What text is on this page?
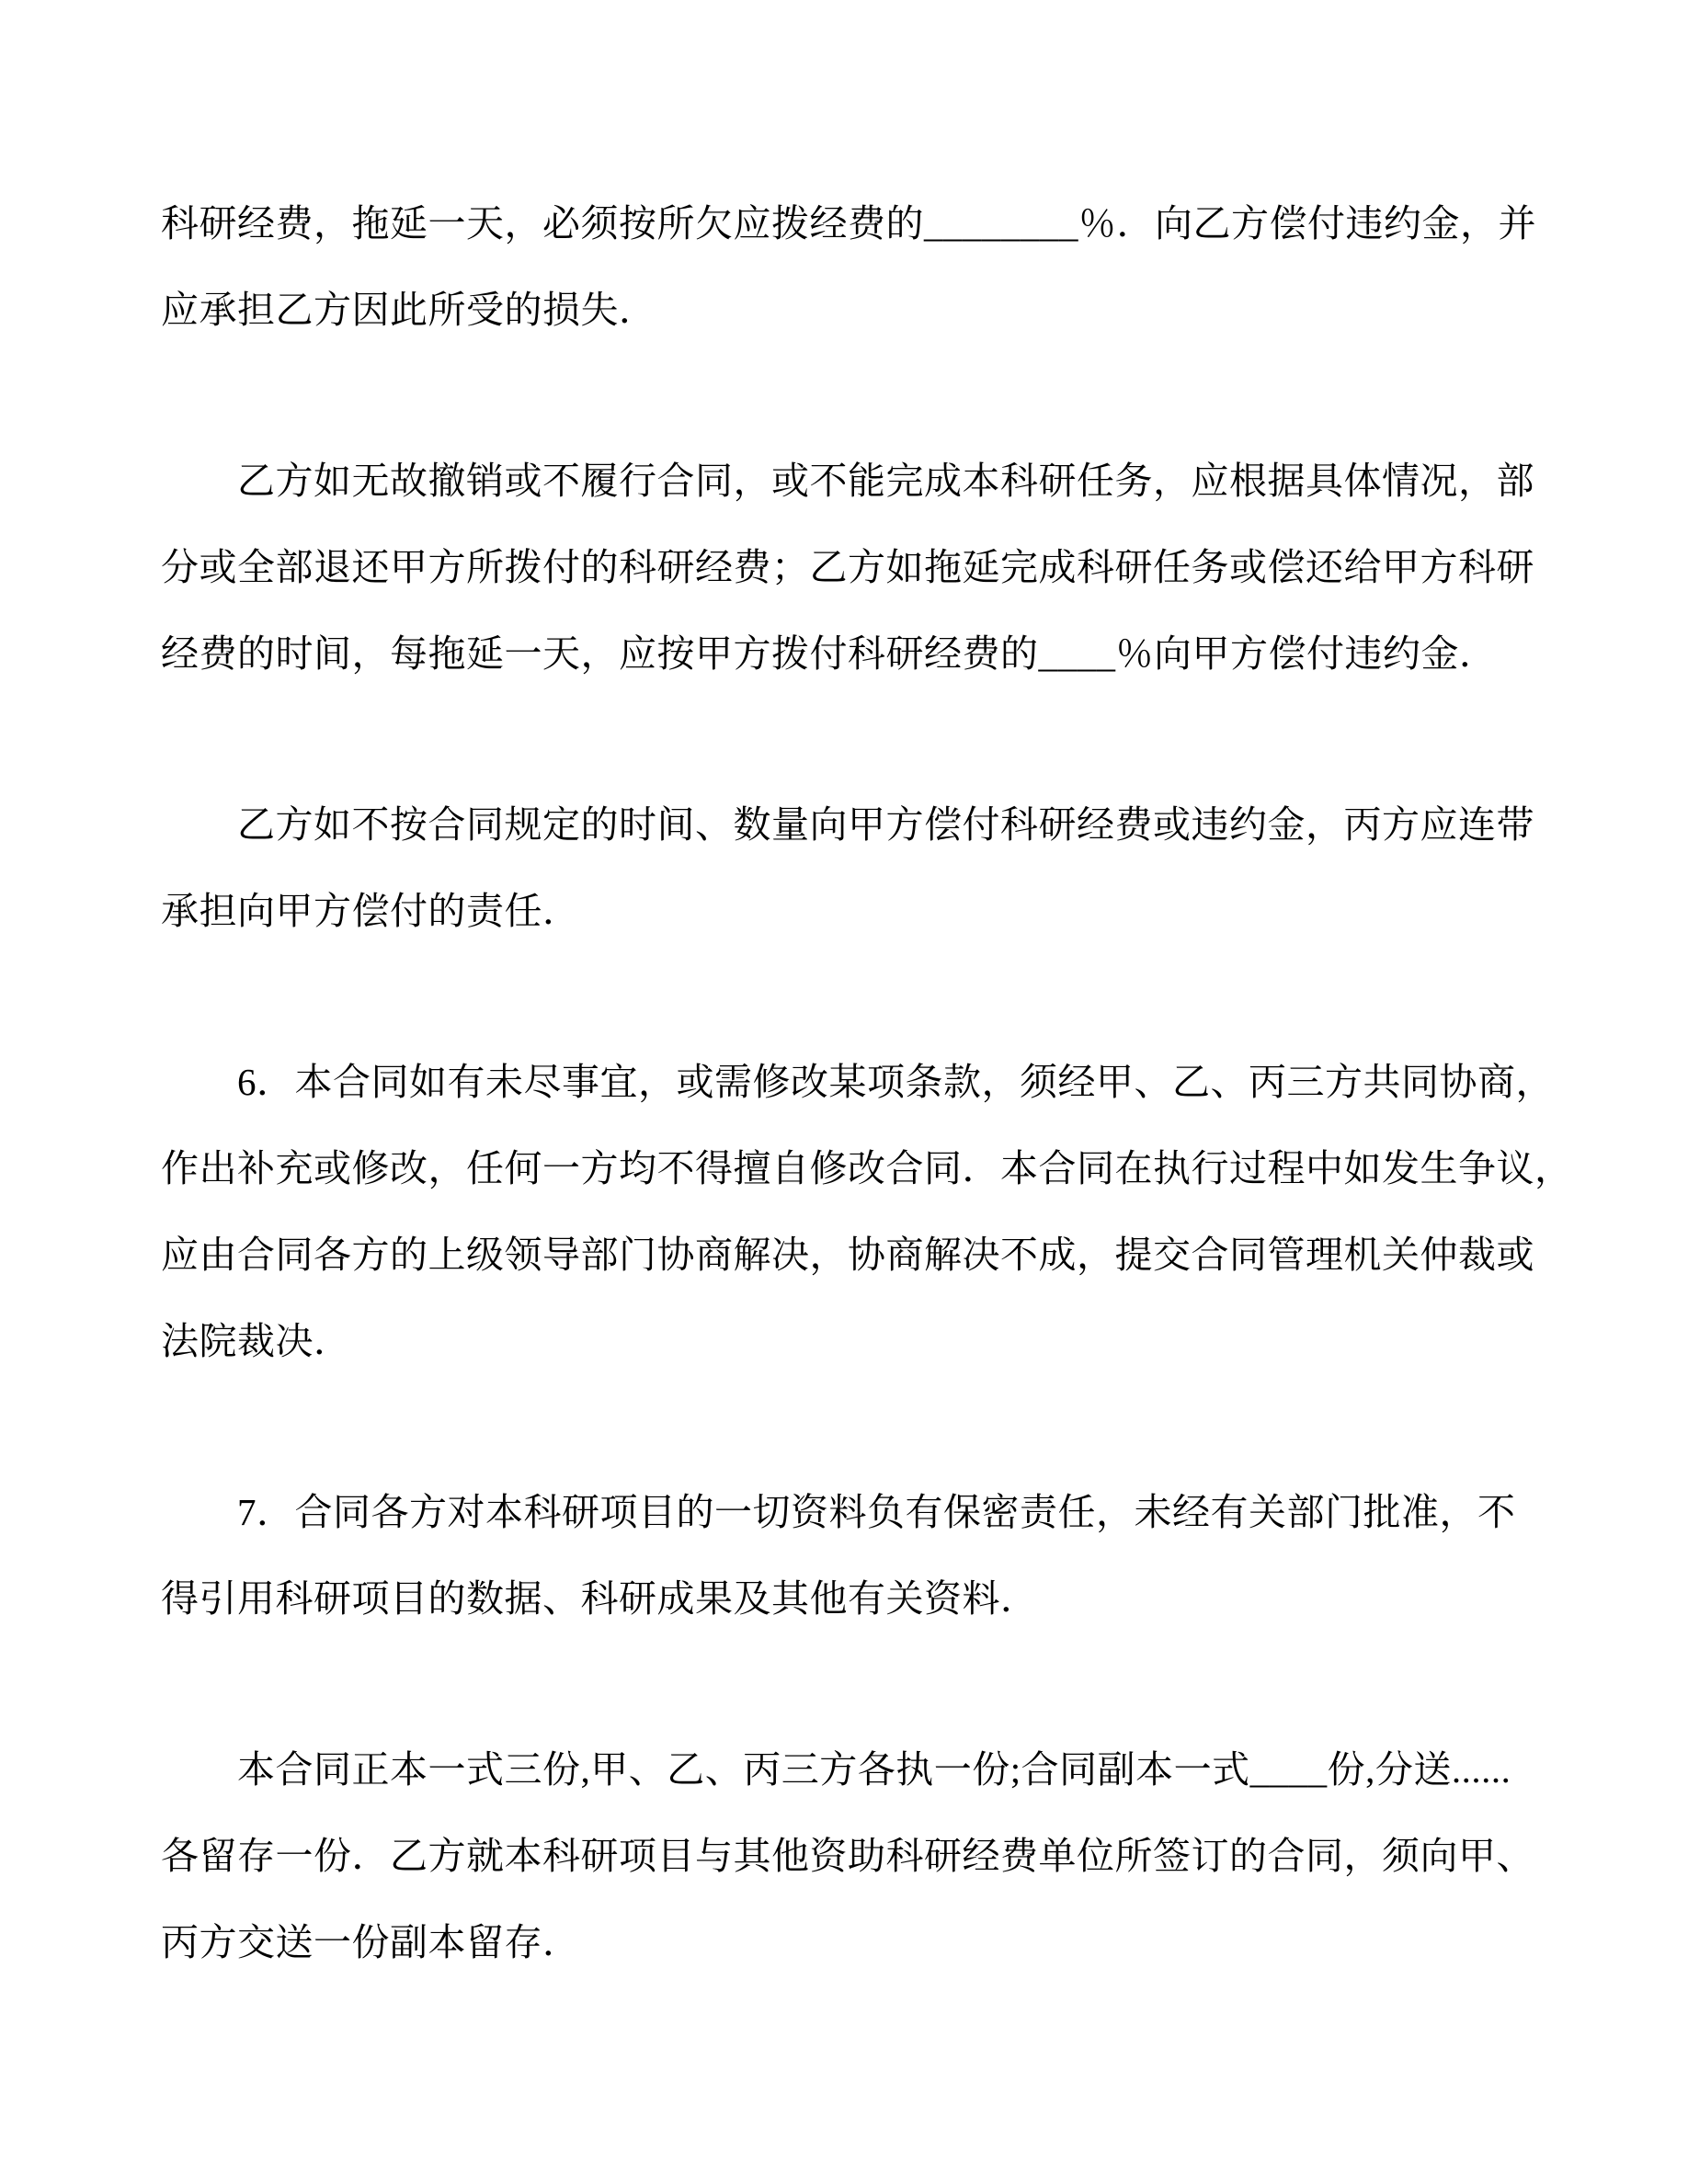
科研经费，拖延一天，必须按所欠应拨经费的________％．向乙方偿付违约金，并
应承担乙方因此所受的损失．
　　乙方如无故撤销或不履行合同，或不能完成本科研任务，应根据具体情况，部
分或全部退还甲方所拨付的科研经费；乙方如拖延完成科研任务或偿还给甲方科研
经费的时间，每拖延一天，应按甲方拨付科研经费的____％向甲方偿付违约金．
　　乙方如不按合同规定的时间、数量向甲方偿付科研经费或违约金，丙方应连带
承担向甲方偿付的责任．
　　6．本合同如有未尽事宜，或需修改某项条款，须经甲、乙、丙三方共同协商，
作出补充或修改，任何一方均不得擅自修改合同．本合同在执行过程中如发生争议，
应由合同各方的上级领导部门协商解决，协商解决不成，提交合同管理机关仲裁或
法院裁决．
　　7．合同各方对本科研项目的一切资料负有保密责任，未经有关部门批准，不
得引用科研项目的数据、科研成果及其他有关资料．
　　本合同正本一式三份,甲、乙、丙三方各执一份;合同副本一式____份,分送......
各留存一份．乙方就本科研项目与其他资助科研经费单位所签订的合同，须向甲、
丙方交送一份副本留存．
